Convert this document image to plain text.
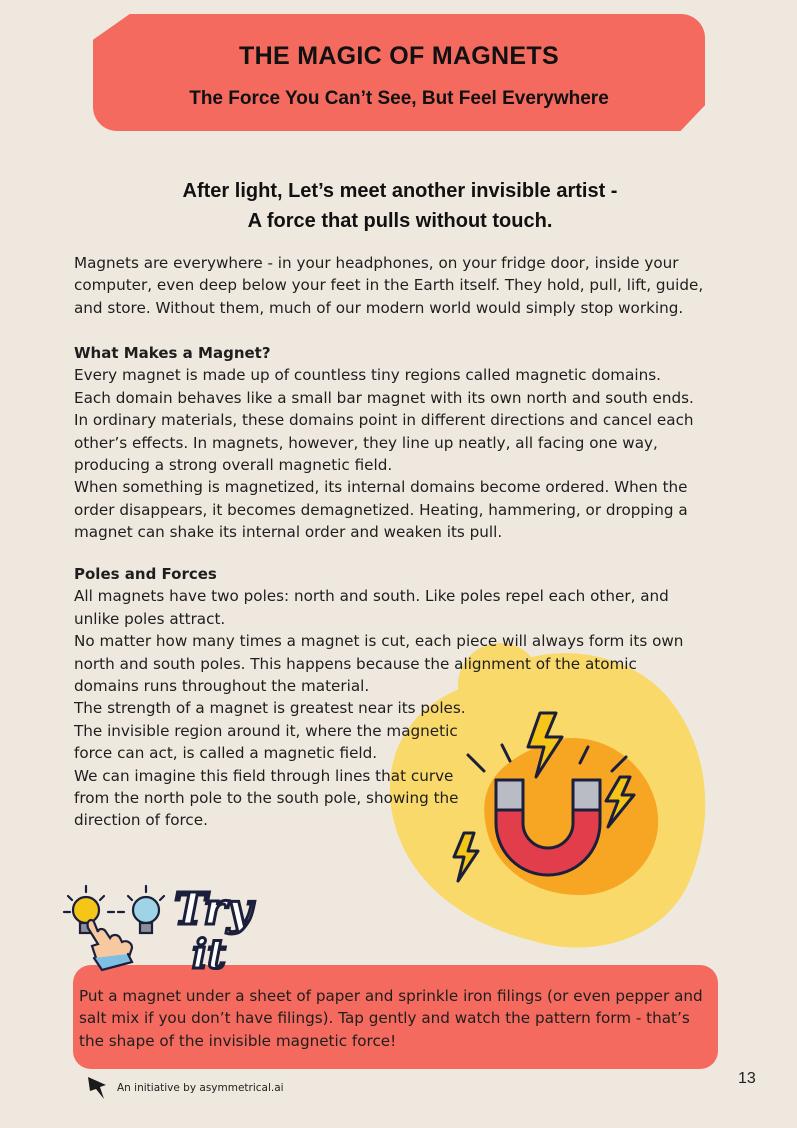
THE MAGIC OF MAGNETS
The Force You Can’t See, But Feel Everywhere
After light, Let’s meet another invisible artist -
A force that pulls without touch.
Magnets are everywhere - in your headphones, on your fridge door, inside your
computer, even deep below your feet in the Earth itself. They hold, pull, lift, guide,
and store. Without them, much of our modern world would simply stop working.
What Makes a Magnet?
Every magnet is made up of countless tiny regions called magnetic domains.
Each domain behaves like a small bar magnet with its own north and south ends.
In ordinary materials, these domains point in different directions and cancel each
other’s effects. In magnets, however, they line up neatly, all facing one way,
producing a strong overall magnetic field.
When something is magnetized, its internal domains become ordered. When the
order disappears, it becomes demagnetized. Heating, hammering, or dropping a
magnet can shake its internal order and weaken its pull.
Poles and Forces
All magnets have two poles: north and south. Like poles repel each other, and
unlike poles attract.
No matter how many times a magnet is cut, each piece will always form its own
north and south poles. This happens because the alignment of the atomic
domains runs throughout the material.
The strength of a magnet is greatest near its poles.
The invisible region around it, where the magnetic
force can act, is called a magnetic field.
We can imagine this field through lines that curve
from the north pole to the south pole, showing the
direction of force.
Try
it
Put a magnet under a sheet of paper and sprinkle iron filings (or even pepper and
salt mix if you don’t have filings). Tap gently and watch the pattern form - that’s
the shape of the invisible magnetic force!
An initiative by asymmetrical.ai
13
